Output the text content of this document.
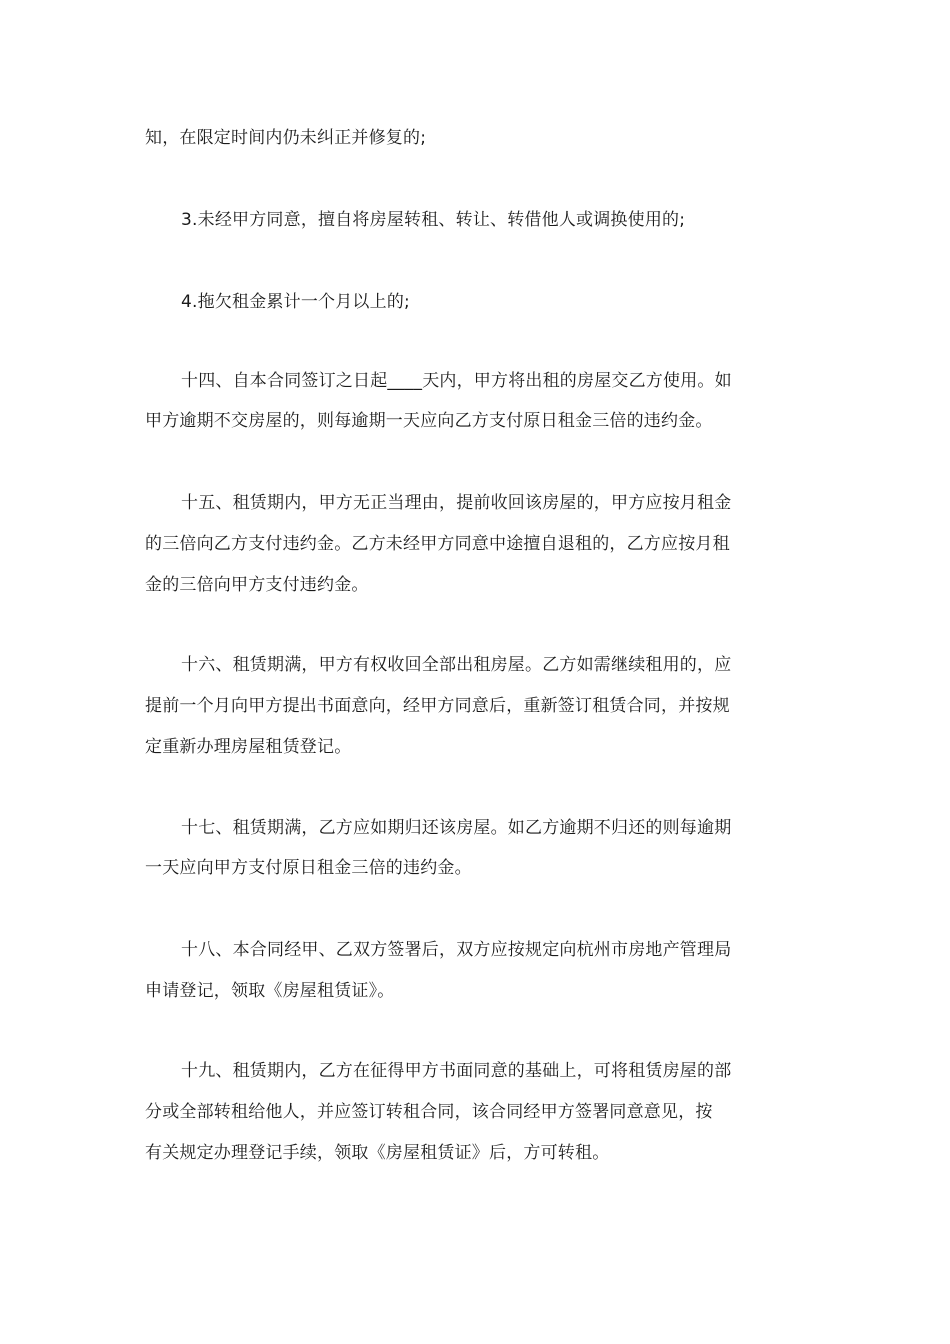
知，在限定时间内仍未纠正并修复的;
3.未经甲方同意，擅自将房屋转租、转让、转借他人或调换使用的;
4.拖欠租金累计一个月以上的;
十四、自本合同签订之日起____天内，甲方将出租的房屋交乙方使用。如
甲方逾期不交房屋的，则每逾期一天应向乙方支付原日租金三倍的违约金。
十五、租赁期内，甲方无正当理由，提前收回该房屋的，甲方应按月租金
的三倍向乙方支付违约金。乙方未经甲方同意中途擅自退租的，乙方应按月租
金的三倍向甲方支付违约金。
十六、租赁期满，甲方有权收回全部出租房屋。乙方如需继续租用的，应
提前一个月向甲方提出书面意向，经甲方同意后，重新签订租赁合同，并按规
定重新办理房屋租赁登记。
十七、租赁期满，乙方应如期归还该房屋。如乙方逾期不归还的则每逾期
一天应向甲方支付原日租金三倍的违约金。
十八、本合同经甲、乙双方签署后，双方应按规定向杭州市房地产管理局
申请登记，领取《房屋租赁证》。
十九、租赁期内，乙方在征得甲方书面同意的基础上，可将租赁房屋的部
分或全部转租给他人，并应签订转租合同，该合同经甲方签署同意意见，按
有关规定办理登记手续，领取《房屋租赁证》后，方可转租。
